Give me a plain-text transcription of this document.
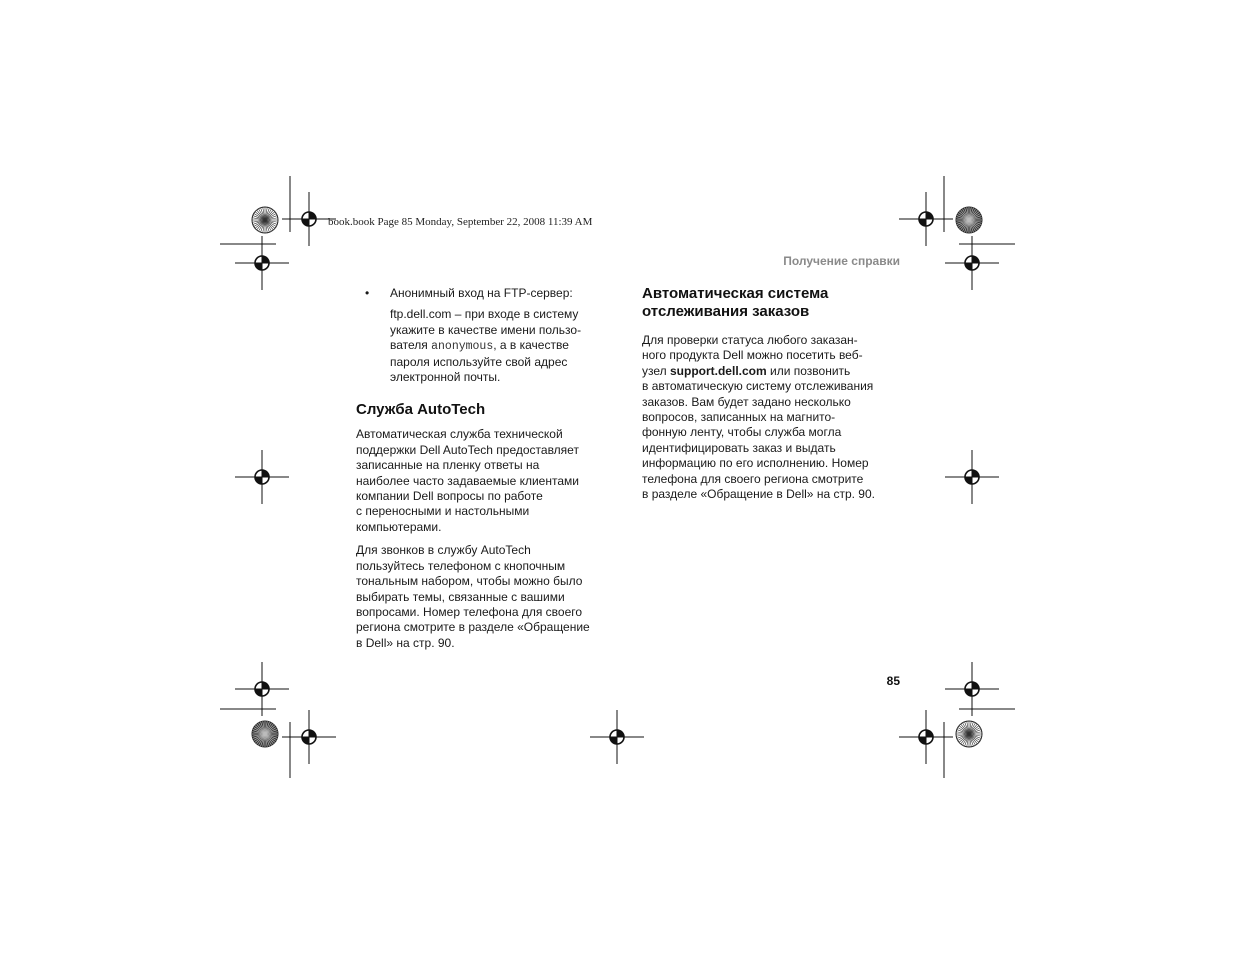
book.book Page 85 Monday, September 22, 2008 11:39 AM
Получение справки
• Анонимный вход на FTP-сервер:

ftp.dell.com – при входе в систему

укажите в качестве имени пользо-

вателя anonymous, а в качестве

пароля используйте свой адрес

электронной почты.

Служба AutoTech

Автоматическая служба технической

поддержки Dell AutoTech предоставляет

записанные на пленку ответы на

наиболее часто задаваемые клиентами

компании Dell вопросы по работе

с переносными и настольными

компьютерами.

Для звонков в службу AutoTech

пользуйтесь телефоном с кнопочным

тональным набором, чтобы можно было

выбирать темы, связанные с вашими

вопросами. Номер телефона для своего

региона смотрите в разделе «Обращение

в Dell» на стр. 90.

Автоматическая система
отслеживания заказов

Для проверки статуса любого заказан-

ного продукта Dell можно посетить веб-

узел support.dell.com или позвонить

в автоматическую систему отслеживания

заказов. Вам будет задано несколько

вопросов, записанных на магнито-

фонную ленту, чтобы служба могла

идентифицировать заказ и выдать

информацию по его исполнению. Номер

телефона для своего региона смотрите

в разделе «Обращение в Dell» на стр. 90.

85
